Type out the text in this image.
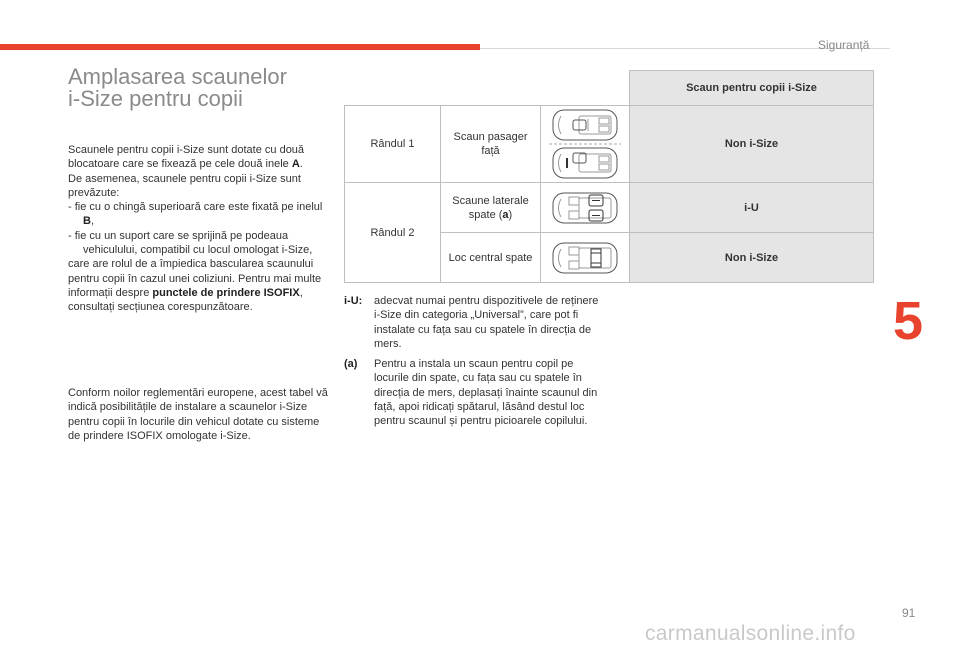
Siguranță
5
91
carmanualsonline.info
Amplasarea scaunelor
i-Size pentru copii

Scaunele pentru copii i-Size sunt dotate cu două blocatoare care se fixează pe cele două inele A.

De asemenea, scaunele pentru copii i-Size sunt prevăzute:

- fie cu o chingă superioară care este fixată pe inelul B,

- fie cu un suport care se sprijină pe podeaua vehiculului, compatibil cu locul omologat i-Size,

care are rolul de a împiedica bascularea scaunului pentru copii în cazul unei coliziuni. Pentru mai multe informații despre punctele de prindere ISOFIX, consultați secțiunea corespunzătoare.

Conform noilor reglementări europene, acest tabel vă indică posibilitățile de instalare a scaunelor i-Size pentru copii în locurile din vehicul dotate cu sisteme de prindere ISOFIX omologate i-Size.

			Scaun pentru copii i-Size
Rândul 1	Scaun pasager față		Non i-Size
Rândul 2	Scaune laterale spate (a)		i-U
	Loc central spate		Non i-Size
i-U:	adecvat numai pentru dispozitivele de reținere i-Size din categoria „Universal”, care pot fi instalate cu fața sau cu spatele în direcția de mers.
(a)	Pentru a instala un scaun pentru copil pe locurile din spate, cu fața sau cu spatele în direcția de mers, deplasați înainte scaunul din față, apoi ridicați spătarul, lăsând destul loc pentru scaunul și pentru picioarele copilului.
